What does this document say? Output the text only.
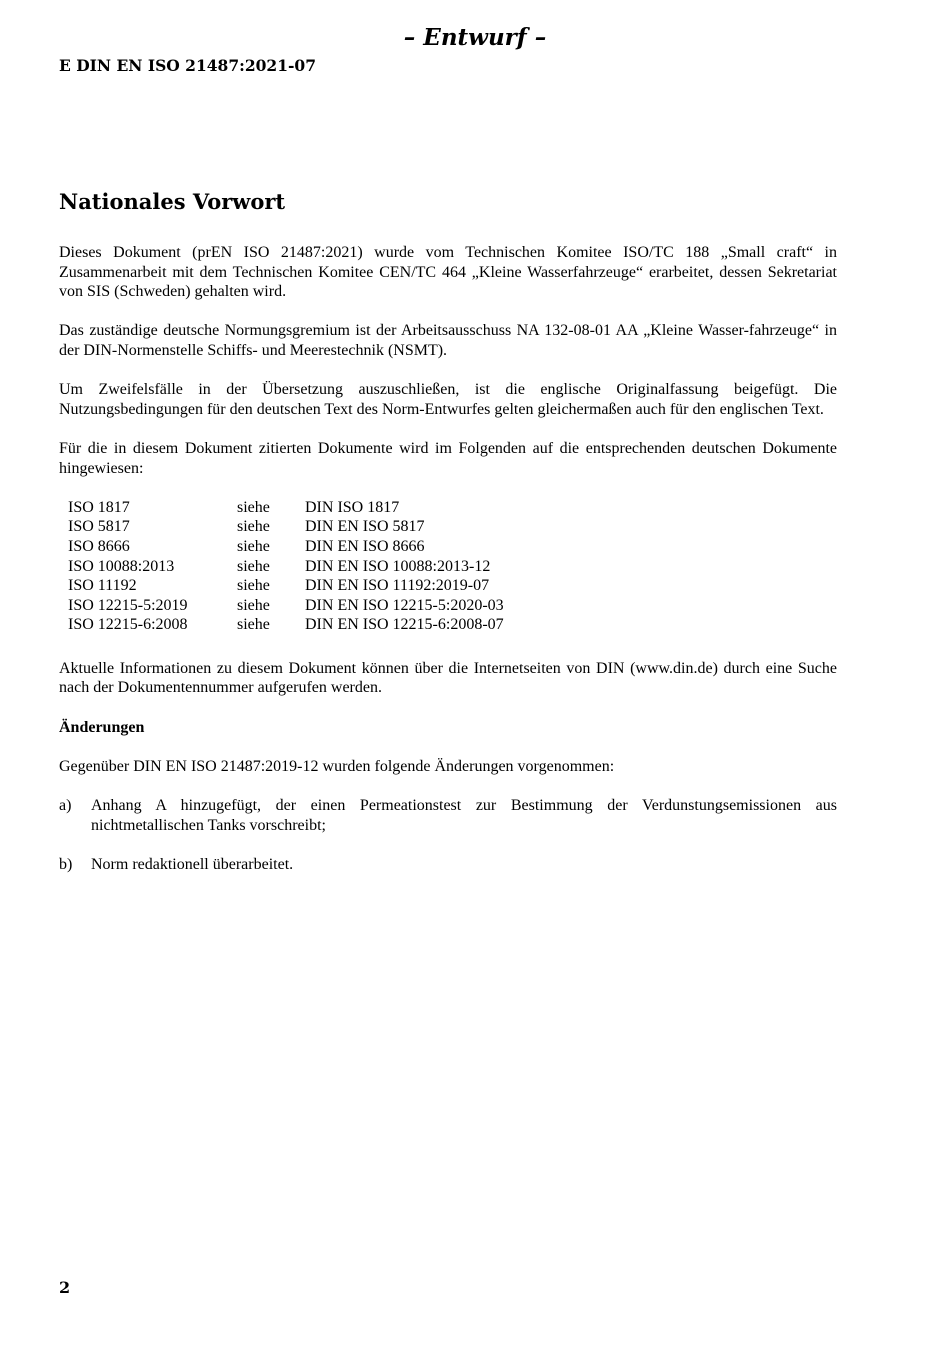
– Entwurf –
E DIN EN ISO 21487:2021-07
Nationales Vorwort

Dieses Dokument (prEN ISO 21487:2021) wurde vom Technischen Komitee ISO/TC 188 „Small craft“ in Zusammenarbeit mit dem Technischen Komitee CEN/TC 464 „Kleine Wasserfahrzeuge“ erarbeitet, dessen Sekretariat von SIS (Schweden) gehalten wird.

Das zuständige deutsche Normungsgremium ist der Arbeitsausschuss NA 132-08-01 AA „Kleine Wasser-fahrzeuge“ in der DIN-Normenstelle Schiffs- und Meerestechnik (NSMT).

Um Zweifelsfälle in der Übersetzung auszuschließen, ist die englische Originalfassung beigefügt. Die Nutzungsbedingungen für den deutschen Text des Norm-Entwurfes gelten gleichermaßen auch für den englischen Text.

Für die in diesem Dokument zitierten Dokumente wird im Folgenden auf die entsprechenden deutschen Dokumente hingewiesen:

ISO 1817	siehe	DIN ISO 1817
ISO 5817	siehe	DIN EN ISO 5817
ISO 8666	siehe	DIN EN ISO 8666
ISO 10088:2013	siehe	DIN EN ISO 10088:2013-12
ISO 11192	siehe	DIN EN ISO 11192:2019-07
ISO 12215-5:2019	siehe	DIN EN ISO 12215-5:2020-03
ISO 12215-6:2008	siehe	DIN EN ISO 12215-6:2008-07

Aktuelle Informationen zu diesem Dokument können über die Internetseiten von DIN (www.din.de) durch eine Suche nach der Dokumentennummer aufgerufen werden.

Änderungen

Gegenüber DIN EN ISO 21487:2019-12 wurden folgende Änderungen vorgenommen:

a)	Anhang A hinzugefügt, der einen Permeationstest zur Bestimmung der Verdunstungsemissionen aus nichtmetallischen Tanks vorschreibt;
b)	Norm redaktionell überarbeitet.
2
